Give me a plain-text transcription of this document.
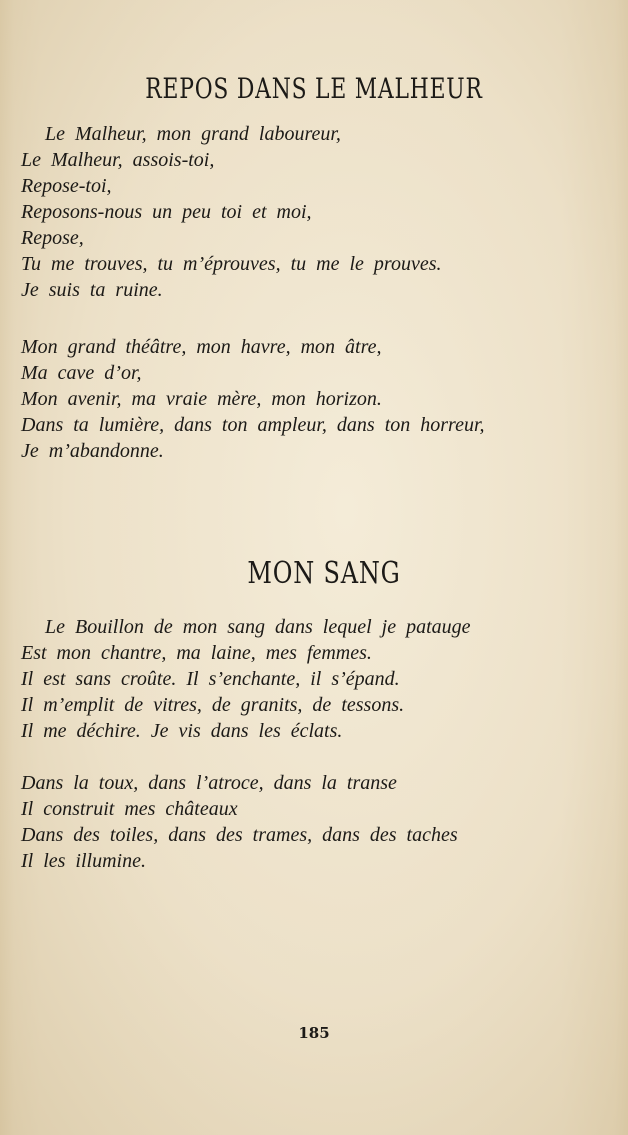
REPOS DANS LE MALHEUR
Le Malheur, mon grand laboureur,
Le Malheur, assois-toi,
Repose-toi,
Reposons-nous un peu toi et moi,
Repose,
Tu me trouves, tu m’éprouves, tu me le prouves.
Je suis ta ruine.
Mon grand théâtre, mon havre, mon âtre,
Ma cave d’or,
Mon avenir, ma vraie mère, mon horizon.
Dans ta lumière, dans ton ampleur, dans ton horreur,
Je m’abandonne.
MON SANG
Le Bouillon de mon sang dans lequel je patauge
Est mon chantre, ma laine, mes femmes.
Il est sans croûte. Il s’enchante, il s’épand.
Il m’emplit de vitres, de granits, de tessons.
Il me déchire. Je vis dans les éclats.
Dans la toux, dans l’atroce, dans la transe
Il construit mes châteaux
Dans des toiles, dans des trames, dans des taches
Il les illumine.
185
